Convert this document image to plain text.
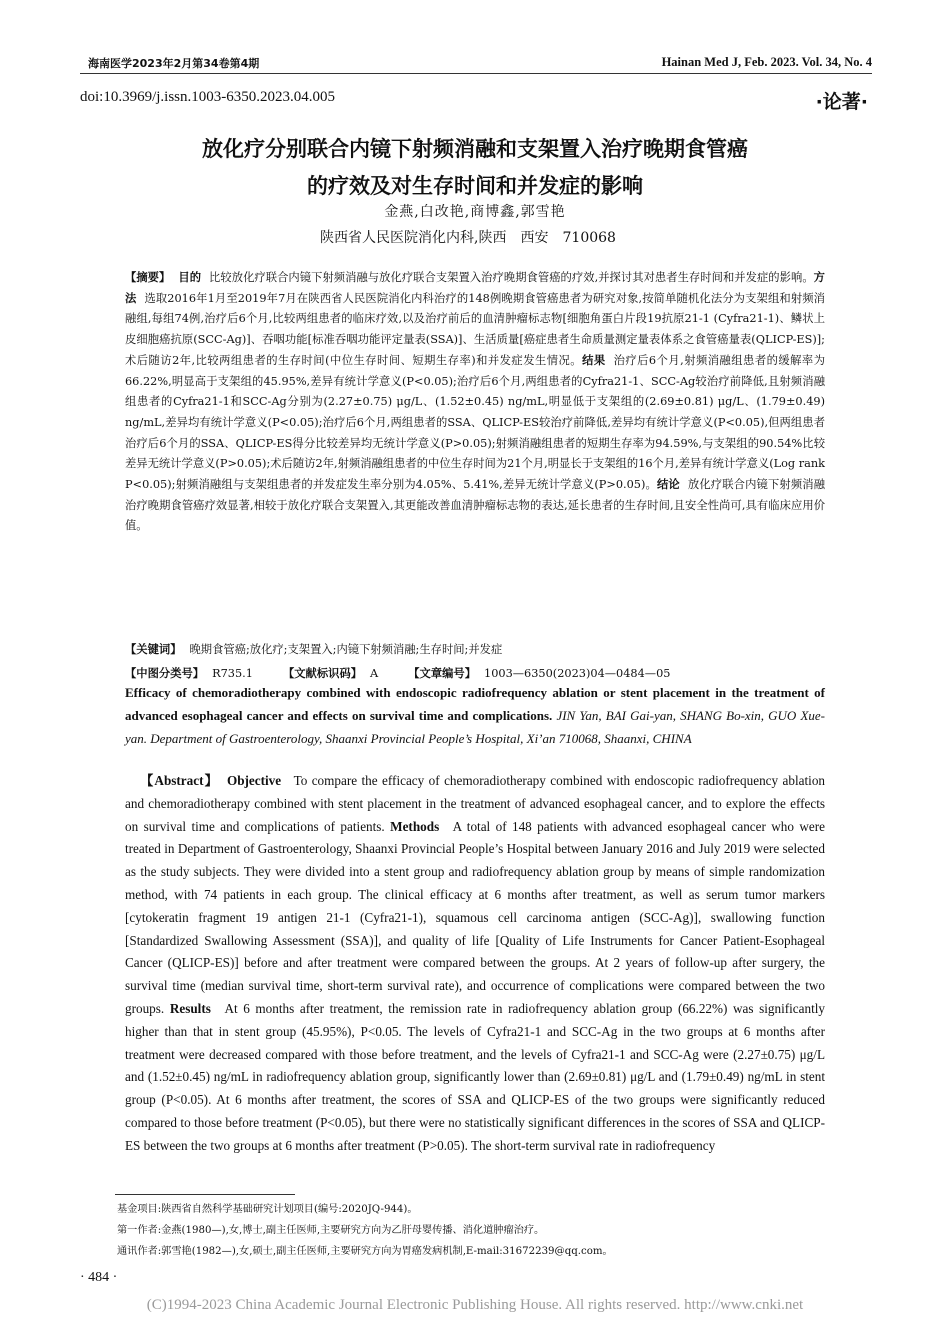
海南医学2023年2月第34卷第4期	Hainan Med J, Feb. 2023. Vol. 34, No. 4
doi:10.3969/j.issn.1003-6350.2023.04.005	·论著·
放化疗分别联合内镜下射频消融和支架置入治疗晚期食管癌
的疗效及对生存时间和并发症的影响
金燕,白改艳,商博鑫,郭雪艳
陕西省人民医院消化内科,陕西 西安 710068
【摘要】 目的 比较放化疗联合内镜下射频消融与放化疗联合支架置入治疗晚期食管癌的疗效,并探讨其对患者生存时间和并发症的影响。方法 选取2016年1月至2019年7月在陕西省人民医院消化内科治疗的148例晚期食管癌患者为研究对象,按简单随机化法分为支架组和射频消融组,每组74例,治疗后6个月,比较两组患者的临床疗效,以及治疗前后的血清肿瘤标志物[细胞角蛋白片段19抗原21-1 (Cyfra21-1)、鳞状上皮细胞癌抗原(SCC-Ag)]、吞咽功能[标准吞咽功能评定量表(SSA)]、生活质量[癌症患者生命质量测定量表体系之食管癌量表(QLICP-ES)];术后随访2年,比较两组患者的生存时间(中位生存时间、短期生存率)和并发症发生情况。结果 治疗后6个月,射频消融组患者的缓解率为66.22%,明显高于支架组的45.95%,差异有统计学意义(P<0.05);治疗后6个月,两组患者的Cyfra21-1、SCC-Ag较治疗前降低,且射频消融组患者的Cyfra21-1和SCC-Ag分别为(2.27±0.75) μg/L、(1.52±0.45) ng/mL,明显低于支架组的(2.69±0.81) μg/L、(1.79±0.49) ng/mL,差异均有统计学意义(P<0.05);治疗后6个月,两组患者的SSA、QLICP-ES较治疗前降低,差异均有统计学意义(P<0.05),但两组患者治疗后6个月的SSA、QLICP-ES得分比较差异均无统计学意义(P>0.05);射频消融组患者的短期生存率为94.59%,与支架组的90.54%比较差异无统计学意义(P>0.05);术后随访2年,射频消融组患者的中位生存时间为21个月,明显长于支架组的16个月,差异有统计学意义(Log rank P<0.05);射频消融组与支架组患者的并发症发生率分别为4.05%、5.41%,差异无统计学意义(P>0.05)。结论 放化疗联合内镜下射频消融治疗晚期食管癌疗效显著,相较于放化疗联合支架置入,其更能改善血清肿瘤标志物的表达,延长患者的生存时间,且安全性尚可,具有临床应用价值。
【关键词】 晚期食管癌;放化疗;支架置入;内镜下射频消融;生存时间;并发症
【中图分类号】 R735.1	【文献标识码】 A	【文章编号】 1003—6350(2023)04—0484—05
Efficacy of chemoradiotherapy combined with endoscopic radiofrequency ablation or stent placement in the treatment of advanced esophageal cancer and effects on survival time and complications. JIN Yan, BAI Gai-yan, SHANG Bo-xin, GUO Xue-yan. Department of Gastroenterology, Shaanxi Provincial People’s Hospital, Xi’an 710068, Shaanxi, CHINA
【Abstract】 Objective To compare the efficacy of chemoradiotherapy combined with endoscopic radiofrequency ablation and chemoradiotherapy combined with stent placement in the treatment of advanced esophageal cancer, and to explore the effects on survival time and complications of patients. Methods A total of 148 patients with advanced esophageal cancer who were treated in Department of Gastroenterology, Shaanxi Provincial People’s Hospital between January 2016 and July 2019 were selected as the study subjects. They were divided into a stent group and radiofrequency ablation group by means of simple randomization method, with 74 patients in each group. The clinical efficacy at 6 months after treatment, as well as serum tumor markers [cytokeratin fragment 19 antigen 21-1 (Cyfra21-1), squamous cell carcinoma antigen (SCC-Ag)], swallowing function [Standardized Swallowing Assessment (SSA)], and quality of life [Quality of Life Instruments for Cancer Patient-Esophageal Cancer (QLICP-ES)] before and after treatment were compared between the groups. At 2 years of follow-up after surgery, the survival time (median survival time, short-term survival rate), and occurrence of complications were compared between the two groups. Results At 6 months after treatment, the remission rate in radiofrequency ablation group (66.22%) was significantly higher than that in stent group (45.95%), P<0.05. The levels of Cyfra21-1 and SCC-Ag in the two groups at 6 months after treatment were decreased compared with those before treatment, and the levels of Cyfra21-1 and SCC-Ag were (2.27±0.75) μg/L and (1.52±0.45) ng/mL in radiofrequency ablation group, significantly lower than (2.69±0.81) μg/L and (1.79±0.49) ng/mL in stent group (P<0.05). At 6 months after treatment, the scores of SSA and QLICP-ES of the two groups were significantly reduced compared to those before treatment (P<0.05), but there were no statistically significant differences in the scores of SSA and QLICP-ES between the two groups at 6 months after treatment (P>0.05). The short-term survival rate in radiofrequency
基金项目:陕西省自然科学基础研究计划项目(编号:2020JQ-944)。
第一作者:金燕(1980—),女,博士,副主任医师,主要研究方向为乙肝母婴传播、消化道肿瘤治疗。
通讯作者:郭雪艳(1982—),女,硕士,副主任医师,主要研究方向为胃癌发病机制,E-mail:31672239@qq.com。
· 484 ·
(C)1994-2023 China Academic Journal Electronic Publishing House. All rights reserved. http://www.cnki.net
